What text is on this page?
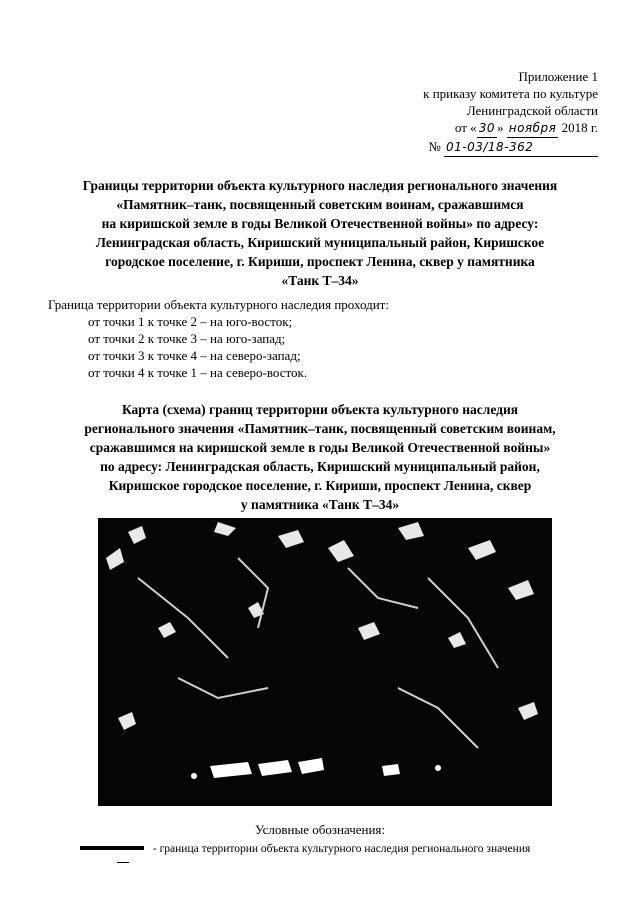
Приложение 1
к приказу комитета по культуре
Ленинградской области
от « 30 » ноября 2018 г.
№ 01-03/18-362
Границы территории объекта культурного наследия регионального значения
«Памятник–танк, посвященный советским воинам, сражавшимся
на киришской земле в годы Великой Отечественной войны» по адресу:
Ленинградская область, Киришский муниципальный район, Киришское
городское поселение, г. Кириши, проспект Ленина, сквер у памятника
«Танк Т–34»
Граница территории объекта культурного наследия проходит:
от точки 1 к точке 2 – на юго-восток;
от точки 2 к точке 3 – на юго-запад;
от точки 3 к точке 4 – на северо-запад;
от точки 4 к точке 1 – на северо-восток.
Карта (схема) границ территории объекта культурного наследия
регионального значения «Памятник–танк, посвященный советским воинам,
сражавшимся на киришской земле в годы Великой Отечественной войны»
по адресу: Ленинградская область, Киришский муниципальный район,
Киришское городское поселение, г. Кириши, проспект Ленина, сквер
у памятника «Танк Т–34»
Условные обозначения:
- граница территории объекта культурного наследия регионального значения
